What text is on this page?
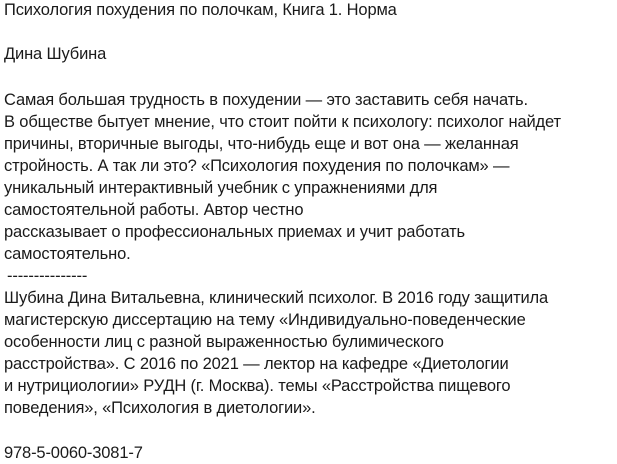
Психология похудения по полочкам, Книга 1. Норма
Дина Шубина
Самая большая трудность в похудении — это заставить себя начать.
В обществе бытует мнение, что стоит пойти к психологу: психолог найдет
причины, вторичные выгоды, что-нибудь еще и вот она — желанная
стройность. А так ли это? «Психология похудения по полочкам» —
уникальный интерактивный учебник с упражнениями для
самостоятельной работы. Автор честно
рассказывает о профессиональных приемах и учит работать
самостоятельно.
---------------
Шубина Дина Витальевна, клинический психолог. В 2016 году защитила
магистерскую диссертацию на тему «Индивидуально-поведенческие
особенности лиц с разной выраженностью булимического
расстройства». С 2016 по 2021 — лектор на кафедре «Диетологии
и нутрициологии» РУДН (г. Москва). темы «Расстройства пищевого
поведения», «Психология в диетологии».
978-5-0060-3081-7
